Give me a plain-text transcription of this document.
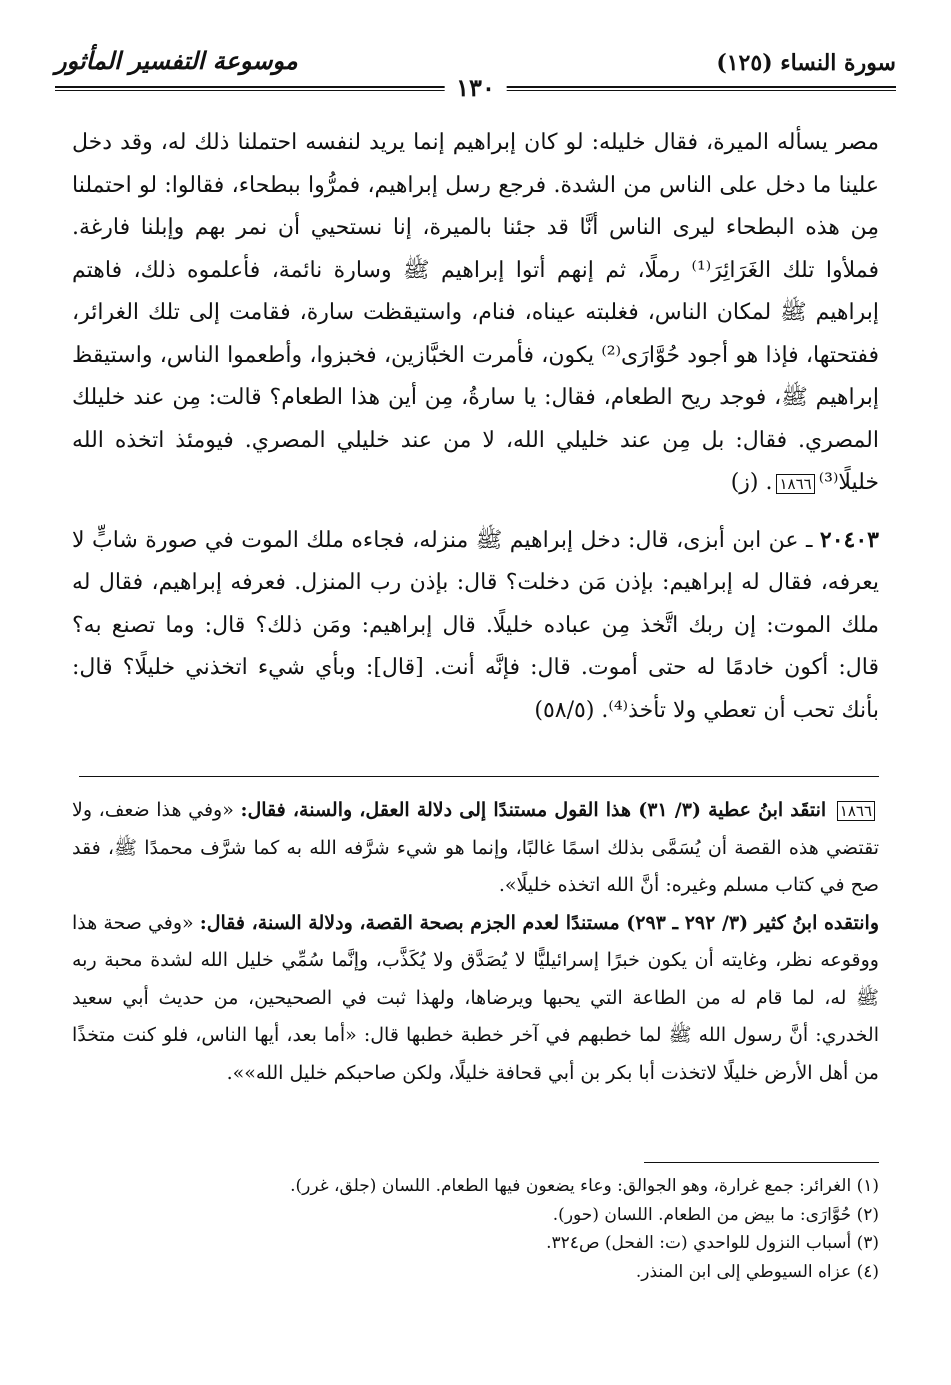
سورة النساء (١٢٥)
موسوعة التفسير المأثور
١٣٠

مصر يسأله الميرة، فقال خليله: لو كان إبراهيم إنما يريد لنفسه احتملنا ذلك له، وقد دخل علينا ما دخل على الناس من الشدة. فرجع رسل إبراهيم، فمرُّوا ببطحاء، فقالوا: لو احتملنا مِن هذه البطحاء ليرى الناس أنَّا قد جئنا بالميرة، إنا نستحيي أن نمر بهم وإبلنا فارغة. فملأوا تلك الغَرَائِرَ⁽¹⁾ رملًا، ثم إنهم أتوا إبراهيم ﷺ وسارة نائمة، فأعلموه ذلك، فاهتم إبراهيم ﷺ لمكان الناس، فغلبته عيناه، فنام، واستيقظت سارة، فقامت إلى تلك الغرائر، ففتحتها، فإذا هو أجود حُوَّارَى⁽²⁾ يكون، فأمرت الخبَّازين، فخبزوا، وأطعموا الناس، واستيقظ إبراهيم ﷺ، فوجد ريح الطعام، فقال: يا سارةُ، مِن أين هذا الطعام؟ قالت: مِن عند خليلك المصري. فقال: بل مِن عند خليلي الله، لا من عند خليلي المصري. فيومئذ اتخذه الله خليلًا⁽³⁾١٨٦٦. (ز)

٢٠٤٠٣ ـ عن ابن أبزى، قال: دخل إبراهيم ﷺ منزله، فجاءه ملك الموت في صورة شابٍّ لا يعرفه، فقال له إبراهيم: بإذن مَن دخلت؟ قال: بإذن رب المنزل. فعرفه إبراهيم، فقال له ملك الموت: إن ربك اتَّخذ مِن عباده خليلًا. قال إبراهيم: ومَن ذلك؟ قال: وما تصنع به؟ قال: أكون خادمًا له حتى أموت. قال: فإنَّه أنت. [قال]: وبأي شيء اتخذني خليلًا؟ قال: بأنك تحب أن تعطي ولا تأخذ⁽⁴⁾. (٥٨/٥)

١٨٦٦ انتقَد ابنُ عطية (٣/ ٣١) هذا القول مستندًا إلى دلالة العقل، والسنة، فقال: «وفي هذا ضعف، ولا تقتضي هذه القصة أن يُسَمَّى بذلك اسمًا غالبًا، وإنما هو شيء شرَّفه الله به كما شرَّف محمدًا ﷺ، فقد صح في كتاب مسلم وغيره: أنَّ الله اتخذه خليلًا».

وانتقده ابنُ كثير (٣/ ٢٩٢ ـ ٢٩٣) مستندًا لعدم الجزم بصحة القصة، ودلالة السنة، فقال: «وفي صحة هذا ووقوعه نظر، وغايته أن يكون خبرًا إسرائيليًّا لا يُصَدَّق ولا يُكَذَّب، وإنَّما سُمِّي خليل الله لشدة محبة ربه ﷺ له، لما قام له من الطاعة التي يحبها ويرضاها، ولهذا ثبت في الصحيحين، من حديث أبي سعيد الخدري: أنَّ رسول الله ﷺ لما خطبهم في آخر خطبة خطبها قال: «أما بعد، أيها الناس، فلو كنت متخذًا من أهل الأرض خليلًا لاتخذت أبا بكر بن أبي قحافة خليلًا، ولكن صاحبكم خليل الله»».

(١) الغرائر: جمع غرارة، وهو الجوالق: وعاء يضعون فيها الطعام. اللسان (جلق، غرر).

(٢) حُوَّارَى: ما بيض من الطعام. اللسان (حور).

(٣) أسباب النزول للواحدي (ت: الفحل) ص٣٢٤.

(٤) عزاه السيوطي إلى ابن المنذر.
